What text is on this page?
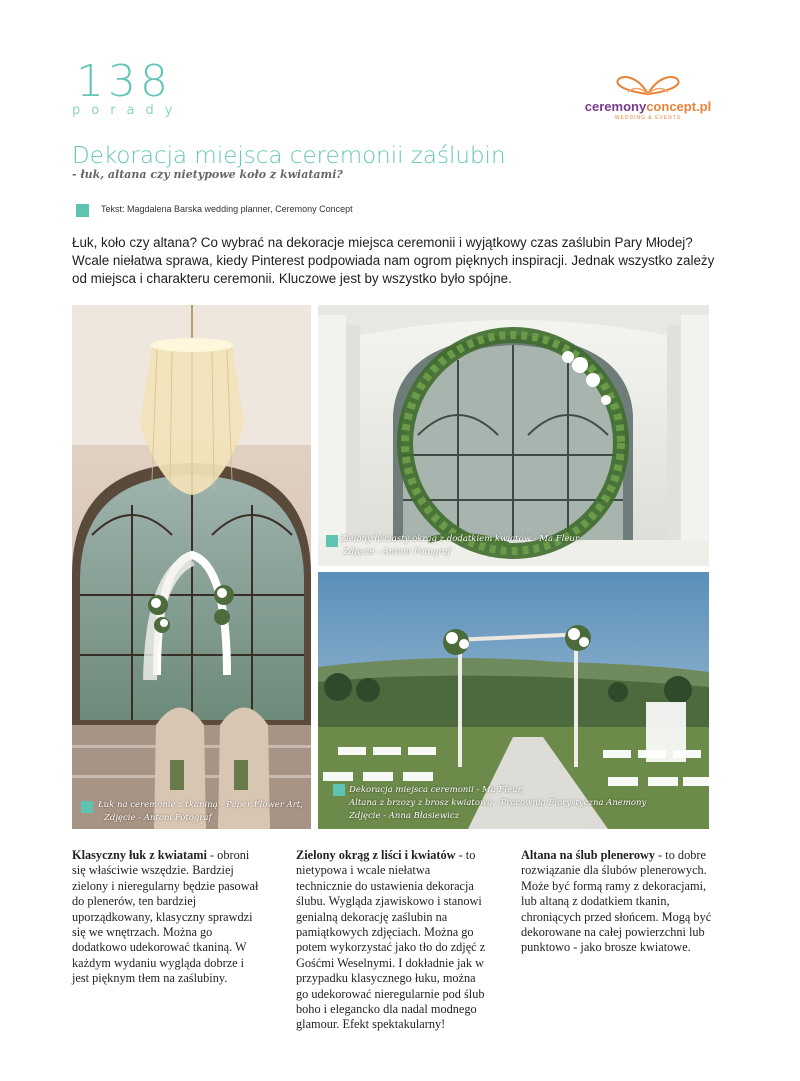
138
porady	ceremonyconcept.pl
WEDDING & EVENTS
Dekoracja miejsca ceremonii zaślubin
- łuk, altana czy nietypowe koło z kwiatami?
Tekst: Magdalena Barska wedding planner, Ceremony Concept

Łuk, koło czy altana? Co wybrać na dekoracje miejsca ceremonii i wyjątkowy czas zaślubin Pary Młodej? Wcale niełatwa sprawa, kiedy Pinterest podpowiada nam ogrom pięknych inspiracji. Jednak wszystko zależy od miejsca i charakteru ceremonii. Kluczowe jest by wszystko było spójne.

Łuk na ceremonię z tkaniną - Paper Flower Art,
Zdjęcie - Antoni Fotograf
Zielony liściasty okrąg z dodatkiem kwiatów - Ma Fleur,
Zdjęcie - Antoni Fotograf
Dekoracja miejsca ceremonii - Ma Fleur,
Altana z brzozy z brosz kwiatową - Pracownia Florystyczna Anemony
Zdjęcie - Anna Błasiewicz
Klasyczny łuk z kwiatami - obroni się właściwie wszędzie. Bardziej zielony i nieregularny będzie pasował do plenerów, ten bardziej uporządkowany, klasyczny sprawdzi się we wnętrzach. Można go dodatkowo udekorować tkaniną. W każdym wydaniu wygląda dobrze i jest pięknym tłem na zaślubiny.
Zielony okrąg z liści i kwiatów - to nietypowa i wcale niełatwa technicznie do ustawienia dekoracja ślubu. Wygląda zjawiskowo i stanowi genialną dekorację zaślubin na pamiątkowych zdjęciach. Można go potem wykorzystać jako tło do zdjęć z Gośćmi Weselnymi. I dokładnie jak w przypadku klasycznego łuku, można go udekorować nieregularnie pod ślub boho i elegancko dla nadal modnego glamour. Efekt spektakularny!
Altana na ślub plenerowy - to dobre rozwiązanie dla ślubów plenerowych. Może być formą ramy z dekoracjami, lub altaną z dodatkiem tkanin, chroniących przed słońcem. Mogą być dekorowane na całej powierzchni lub punktowo - jako brosze kwiatowe.
